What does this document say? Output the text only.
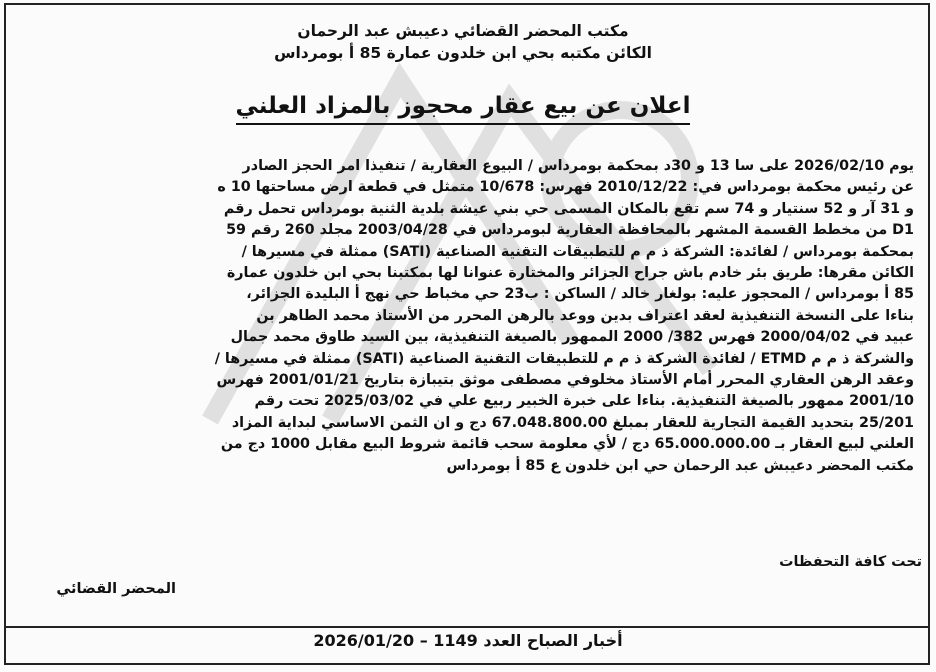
مكتب المحضر القضائي دعيبش عبد الرحمان
الكائن مكتبه بحي ابن خلدون عمارة 85 أ بومرداس
اعلان عن بيع عقار محجوز بالمزاد العلني
يوم 2026/02/10 على سا 13 و 30د بمحكمة بومرداس / البيوع العقارية / تنفيذا امر الحجز الصادر
عن رئيس محكمة بومرداس في: 2010/12/22 فهرس: 10/678 متمثل في قطعة ارض مساحتها 10 ه
و 31 آر و 52 سنتيار و 74 سم تقع بالمكان المسمى حي بني عيشة بلدية الثنية بومرداس تحمل رقم
D1 من مخطط القسمة المشهر بالمحافظة العقارية لبومرداس في 2003/04/28 مجلد 260 رقم 59
بمحكمة بومرداس / لفائدة: الشركة ذ م م للتطبيقات التقنية الصناعية (SATI) ممثلة في مسيرها /
الكائن مقرها: طريق بئر خادم باش جراح الجزائر والمختارة عنوانا لها بمكتبنا بحي ابن خلدون عمارة
85 أ بومرداس / المحجوز عليه: بولغار خالد / الساكن : ب23 حي مخباط حي نهج أ البليدة الجزائر،
بناءا على النسخة التنفيذية لعقد اعتراف بدين ووعد بالرهن المحرر من الأستاذ محمد الطاهر بن
عبيد في 2000/04/02 فهرس 382/ 2000 الممهور بالصيغة التنفيذية، بين السيد طاوق محمد جمال
والشركة ذ م م ETMD / لفائدة الشركة ذ م م للتطبيقات التقنية الصناعية (SATI) ممثلة في مسيرها /
وعقد الرهن العقاري المحرر أمام الأستاذ مخلوفي مصطفى موثق بتيبازة بتاريخ 2001/01/21 فهرس
2001/10 ممهور بالصيغة التنفيذية. بناءا على خبرة الخبير ربيع علي في 2025/03/02 تحت رقم
25/201 بتحديد القيمة التجارية للعقار بمبلغ 67.048.800.00 دج و ان الثمن الاساسي لبداية المزاد
العلني لبيع العقار بـ 65.000.000.00 دج / لأي معلومة سحب قائمة شروط البيع مقابل 1000 دج من
مكتب المحضر دعيبش عبد الرحمان حي ابن خلدون ع 85 أ بومرداس
تحت كافة التحفظات
المحضر القضائي
أخبار الصباح العدد 1149 – 2026/01/20
